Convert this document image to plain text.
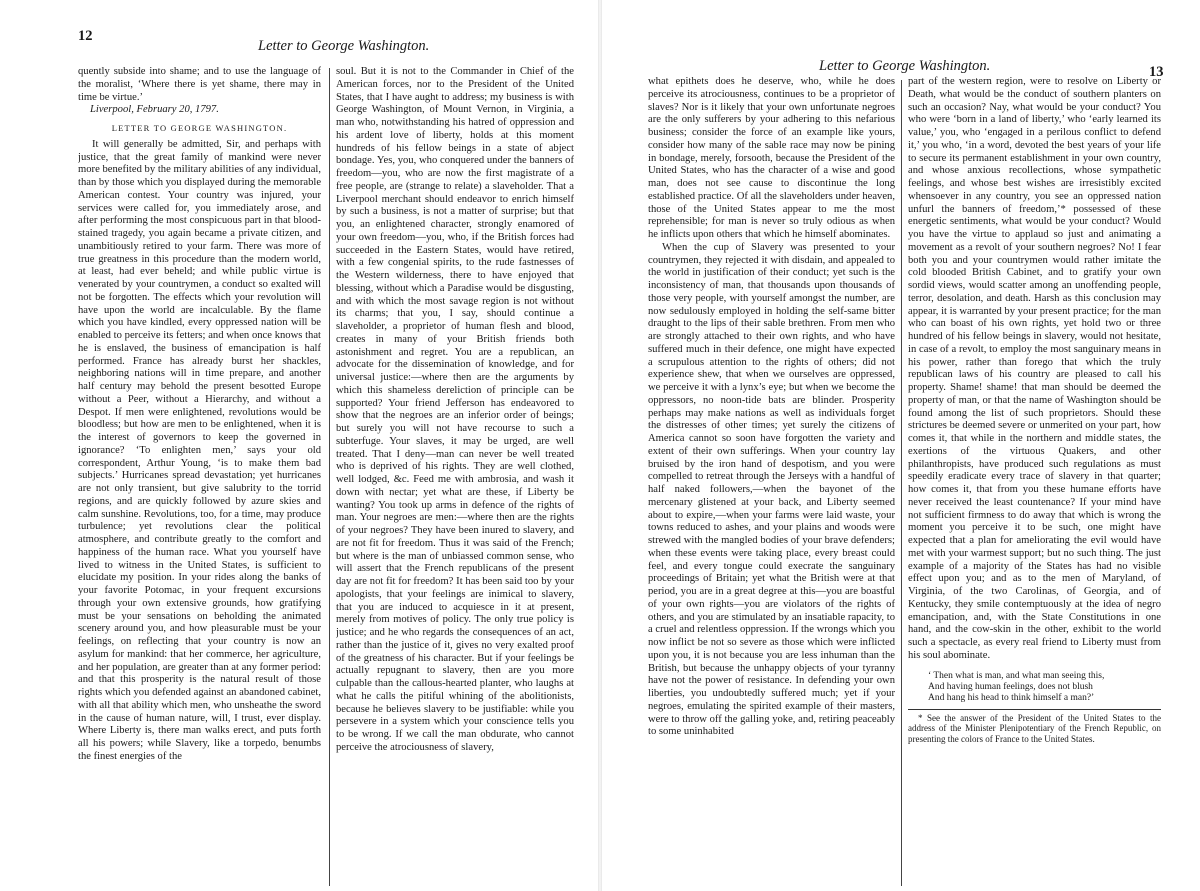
12
Letter to George Washington.

quently subside into shame; and to use the language of the moralist, ‘Where there is yet shame, there may in time be virtue.’

Liverpool, February 20, 1797.

LETTER TO GEORGE WASHINGTON.

It will generally be admitted, Sir, and perhaps with justice, that the great family of mankind were never more benefited by the military abilities of any individual, than by those which you displayed during the memorable American contest. Your country was injured, your services were called for, you immediately arose, and after performing the most conspicuous part in that blood-stained tragedy, you again became a private citizen, and unambitiously retired to your farm. There was more of true greatness in this procedure than the modern world, at least, had ever beheld; and while public virtue is venerated by your countrymen, a conduct so exalted will not be forgotten. The effects which your revolution will have upon the world are incalculable. By the flame which you have kindled, every oppressed nation will be enabled to perceive its fetters; and when once knows that he is enslaved, the business of emancipation is half performed. France has already burst her shackles, neighboring nations will in time prepare, and another half century may behold the present besotted Europe without a Peer, without a Hierarchy, and without a Despot. If men were enlightened, revolutions would be bloodless; but how are men to be enlightened, when it is the interest of governors to keep the governed in ignorance? ‘To enlighten men,’ says your old correspondent, Arthur Young, ‘is to make them bad subjects.’ Hurricanes spread devastation; yet hurricanes are not only transient, but give salubrity to the torrid regions, and are quickly followed by azure skies and calm sunshine. Revolutions, too, for a time, may produce turbulence; yet revolutions clear the political atmosphere, and contribute greatly to the comfort and happiness of the human race. What you yourself have lived to witness in the United States, is sufficient to elucidate my position. In your rides along the banks of your favorite Potomac, in your frequent excursions through your own extensive grounds, how gratifying must be your sensations on beholding the animated scenery around you, and how pleasurable must be your feelings, on reflecting that your country is now an asylum for mankind: that her commerce, her agriculture, and her population, are greater than at any former period: and that this prosperity is the natural result of those rights which you defended against an abandoned cabinet, with all that ability which men, who unsheathe the sword in the cause of human nature, will, I trust, ever display. Where Liberty is, there man walks erect, and puts forth all his powers; while Slavery, like a torpedo, benumbs the finest energies of the

soul. But it is not to the Commander in Chief of the American forces, nor to the President of the United States, that I have aught to address; my business is with George Washington, of Mount Vernon, in Virginia, a man who, notwithstanding his hatred of oppression and his ardent love of liberty, holds at this moment hundreds of his fellow beings in a state of abject bondage. Yes, you, who conquered under the banners of freedom—you, who are now the first magistrate of a free people, are (strange to relate) a slaveholder. That a Liverpool merchant should endeavor to enrich himself by such a business, is not a matter of surprise; but that you, an enlightened character, strongly enamored of your own freedom—you, who, if the British forces had succeeded in the Eastern States, would have retired, with a few congenial spirits, to the rude fastnesses of the Western wilderness, there to have enjoyed that blessing, without which a Paradise would be disgusting, and with which the most savage region is not without its charms; that you, I say, should continue a slaveholder, a proprietor of human flesh and blood, creates in many of your British friends both astonishment and regret. You are a republican, an advocate for the dissemination of knowledge, and for universal justice:—where then are the arguments by which this shameless dereliction of principle can be supported? Your friend Jefferson has endeavored to show that the negroes are an inferior order of beings; but surely you will not have recourse to such a subterfuge. Your slaves, it may be urged, are well treated. That I deny—man can never be well treated who is deprived of his rights. They are well clothed, well lodged, &c. Feed me with ambrosia, and wash it down with nectar; yet what are these, if Liberty be wanting? You took up arms in defence of the rights of man. Your negroes are men:—where then are the rights of your negroes? They have been inured to slavery, and are not fit for freedom. Thus it was said of the French; but where is the man of unbiassed common sense, who will assert that the French republicans of the present day are not fit for freedom? It has been said too by your apologists, that your feelings are inimical to slavery, that you are induced to acquiesce in it at present, merely from motives of policy. The only true policy is justice; and he who regards the consequences of an act, rather than the justice of it, gives no very exalted proof of the greatness of his character. But if your feelings be actually repugnant to slavery, then are you more culpable than the callous-hearted planter, who laughs at what he calls the pitiful whining of the abolitionists, because he believes slavery to be justifiable: while you persevere in a system which your conscience tells you to be wrong. If we call the man obdurate, who cannot perceive the atrociousness of slavery,

Letter to George Washington.	13

what epithets does he deserve, who, while he does perceive its atrociousness, continues to be a proprietor of slaves? Nor is it likely that your own unfortunate negroes are the only sufferers by your adhering to this nefarious business; consider the force of an example like yours, consider how many of the sable race may now be pining in bondage, merely, forsooth, because the President of the United States, who has the character of a wise and good man, does not see cause to discontinue the long established practice. Of all the slaveholders under heaven, those of the United States appear to me the most reprehensible; for man is never so truly odious as when he inflicts upon others that which he himself abominates.

When the cup of Slavery was presented to your countrymen, they rejected it with disdain, and appealed to the world in justification of their conduct; yet such is the inconsistency of man, that thousands upon thousands of those very people, with yourself amongst the number, are now sedulously employed in holding the self-same bitter draught to the lips of their sable brethren. From men who are strongly attached to their own rights, and who have suffered much in their defence, one might have expected a scrupulous attention to the rights of others; did not experience shew, that when we ourselves are oppressed, we perceive it with a lynx’s eye; but when we become the oppressors, no noon-tide bats are blinder. Prosperity perhaps may make nations as well as individuals forget the distresses of other times; yet surely the citizens of America cannot so soon have forgotten the variety and extent of their own sufferings. When your country lay bruised by the iron hand of despotism, and you were compelled to retreat through the Jerseys with a handful of half naked followers,—when the bayonet of the mercenary glistened at your back, and Liberty seemed about to expire,—when your farms were laid waste, your towns reduced to ashes, and your plains and woods were strewed with the mangled bodies of your brave defenders; when these events were taking place, every breast could feel, and every tongue could execrate the sanguinary proceedings of Britain; yet what the British were at that period, you are in a great degree at this—you are boastful of your own rights—you are violators of the rights of others, and you are stimulated by an insatiable rapacity, to a cruel and relentless oppression. If the wrongs which you now inflict be not so severe as those which were inflicted upon you, it is not because you are less inhuman than the British, but because the unhappy objects of your tyranny have not the power of resistance. In defending your own liberties, you undoubtedly suffered much; yet if your negroes, emulating the spirited example of their masters, were to throw off the galling yoke, and, retiring peaceably to some uninhabited

part of the western region, were to resolve on Liberty or Death, what would be the conduct of southern planters on such an occasion? Nay, what would be your conduct? You who were ‘born in a land of liberty,’ who ‘early learned its value,’ you, who ‘engaged in a perilous conflict to defend it,’ you who, ‘in a word, devoted the best years of your life to secure its permanent establishment in your own country, and whose anxious recollections, whose sympathetic feelings, and whose best wishes are irresistibly excited whensoever in any country, you see an oppressed nation unfurl the banners of freedom,’* possessed of these energetic sentiments, what would be your conduct? Would you have the virtue to applaud so just and animating a movement as a revolt of your southern negroes? No! I fear both you and your countrymen would rather imitate the cold blooded British Cabinet, and to gratify your own sordid views, would scatter among an unoffending people, terror, desolation, and death. Harsh as this conclusion may appear, it is warranted by your present practice; for the man who can boast of his own rights, yet hold two or three hundred of his fellow beings in slavery, would not hesitate, in case of a revolt, to employ the most sanguinary means in his power, rather than forego that which the truly republican laws of his country are pleased to call his property. Shame! shame! that man should be deemed the property of man, or that the name of Washington should be found among the list of such proprietors. Should these strictures be deemed severe or unmerited on your part, how comes it, that while in the northern and middle states, the exertions of the virtuous Quakers, and other philanthropists, have produced such regulations as must speedily eradicate every trace of slavery in that quarter; how comes it, that from you these humane efforts have never received the least countenance? If your mind have not sufficient firmness to do away that which is wrong the moment you perceive it to be such, one might have expected that a plan for ameliorating the evil would have met with your warmest support; but no such thing. The just example of a majority of the States has had no visible effect upon you; and as to the men of Maryland, of Virginia, of the two Carolinas, of Georgia, and of Kentucky, they smile contemptuously at the idea of negro emancipation, and, with the State Constitutions in one hand, and the cow-skin in the other, exhibit to the world such a spectacle, as every real friend to Liberty must from his soul abominate.

‘ Then what is man, and what man seeing this,
And having human feelings, does not blush
And hang his head to think himself a man?’

* See the answer of the President of the United States to the address of the Minister Plenipotentiary of the French Republic, on presenting the colors of France to the United States.
